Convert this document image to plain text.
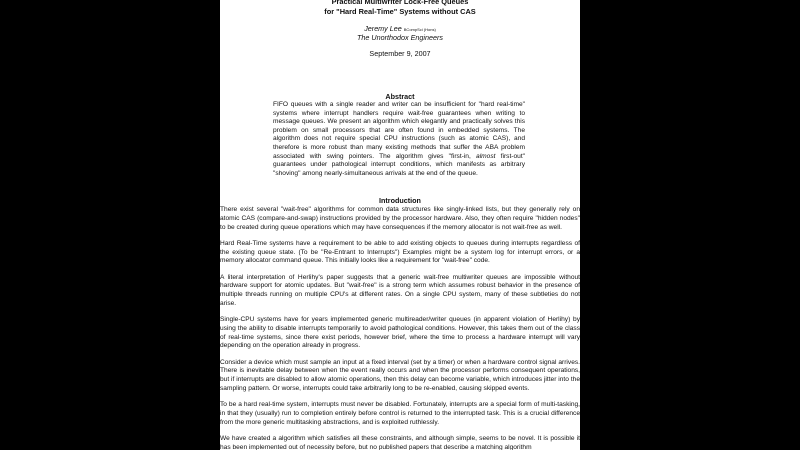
Practical Multiwriter Lock-Free Queues
for "Hard Real-Time" Systems without CAS
Jeremy Lee BCompSci (Hons)
The Unorthodox Engineers
September 9, 2007
Abstract
FIFO queues with a single reader and writer can be insufficient for "hard real-time" systems where interrupt handlers require wait-free guarantees when writing to message queues. We present an algorithm which elegantly and practically solves this problem on small processors that are often found in embedded systems. The algorithm does not require special CPU instructions (such as atomic CAS), and therefore is more robust than many existing methods that suffer the ABA problem associated with swing pointers. The algorithm gives "first-in, almost first-out" guarantees under pathological interrupt conditions, which manifests as arbitrary "shoving" among nearly-simultaneous arrivals at the end of the queue.
Introduction

There exist several "wait-free" algorithms for common data structures like singly-linked lists, but they generally rely on atomic CAS (compare-and-swap) instructions provided by the processor hardware. Also, they often require "hidden nodes" to be created during queue operations which may have consequences if the memory allocator is not wait-free as well.

Hard Real-Time systems have a requirement to be able to add existing objects to queues during interrupts regardless of the existing queue state. (To be "Re-Entrant to Interrupts") Examples might be a system log for interrupt errors, or a memory allocator command queue. This initially looks like a requirement for "wait-free" code.

A literal interpretation of Herlihy's paper suggests that a generic wait-free multiwriter queues are impossible without hardware support for atomic updates. But "wait-free" is a strong term which assumes robust behavior in the presence of multiple threads running on multiple CPU's at different rates. On a single CPU system, many of these subtleties do not arise.

Single-CPU systems have for years implemented generic multireader/writer queues (in apparent violation of Herlihy) by using the ability to disable interrupts temporarily to avoid pathological conditions. However, this takes them out of the class of real-time systems, since there exist periods, however brief, where the time to process a hardware interrupt will vary depending on the operation already in progress.

Consider a device which must sample an input at a fixed interval (set by a timer) or when a hardware control signal arrives. There is inevitable delay between when the event really occurs and when the processor performs consequent operations, but if interrupts are disabled to allow atomic operations, then this delay can become variable, which introduces jitter into the sampling pattern. Or worse, interrupts could take arbitrarily long to be re-enabled, causing skipped events.

To be a hard real-time system, interrupts must never be disabled. Fortunately, interrupts are a special form of multi-tasking, in that they (usually) run to completion entirely before control is returned to the interrupted task. This is a crucial difference from the more generic multitasking abstractions, and is exploited ruthlessly.

We have created a algorithm which satisfies all these constraints, and although simple, seems to be novel. It is possible it has been implemented out of necessity before, but no published papers that describe a matching algorithm
